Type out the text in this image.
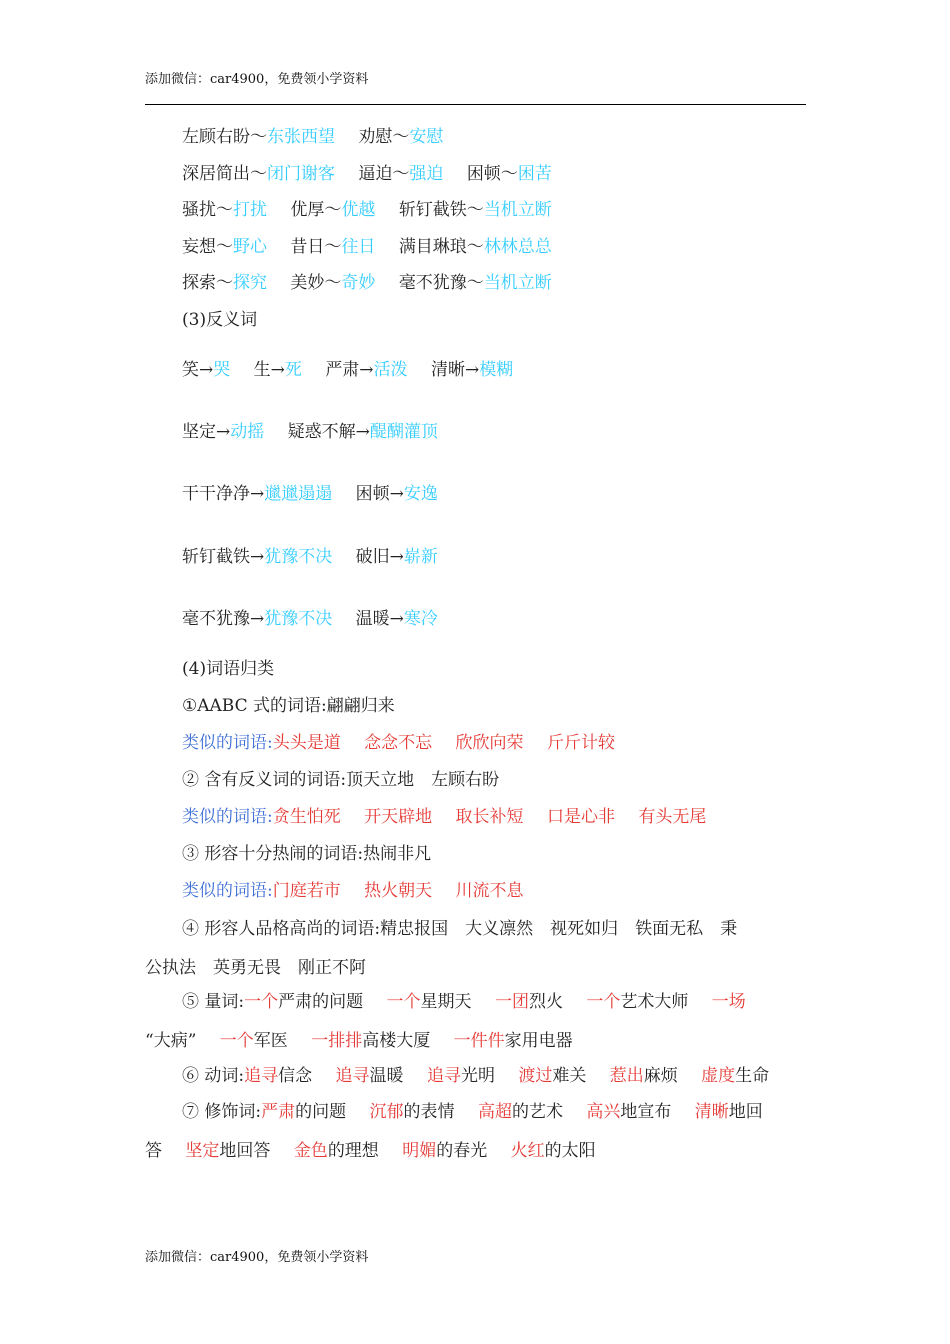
添加微信：car4900，免费领小学资料
左顾右盼～东张西望 劝慰～安慰
深居简出～闭门谢客 逼迫～强迫 困顿～困苦
骚扰～打扰 优厚～优越 斩钉截铁～当机立断
妄想～野心 昔日～往日 满目琳琅～林林总总
探索～探究 美妙～奇妙 毫不犹豫～当机立断
(3)反义词
笑→哭 生→死 严肃→活泼 清晰→模糊
坚定→动摇 疑惑不解→醍醐灌顶
干干净净→邋邋遢遢 困顿→安逸
斩钉截铁→犹豫不决 破旧→崭新
毫不犹豫→犹豫不决 温暖→寒冷
(4)词语归类
①AABC 式的词语:翩翩归来
类似的词语:头头是道 念念不忘 欣欣向荣 斤斤计较
② 含有反义词的词语:顶天立地　左顾右盼
类似的词语:贪生怕死 开天辟地 取长补短 口是心非 有头无尾
③ 形容十分热闹的词语:热闹非凡
类似的词语:门庭若市 热火朝天 川流不息
④ 形容人品格高尚的词语:精忠报国　大义凛然　视死如归　铁面无私　秉
公执法　英勇无畏　刚正不阿
⑤ 量词:一个严肃的问题 一个星期天 一团烈火 一个艺术大师 一场
“大病” 一个军医 一排排高楼大厦 一件件家用电器
⑥ 动词:追寻信念 追寻温暖 追寻光明 渡过难关 惹出麻烦 虚度生命
⑦ 修饰词:严肃的问题 沉郁的表情 高超的艺术 高兴地宣布 清晰地回
答 坚定地回答 金色的理想 明媚的春光 火红的太阳
添加微信：car4900，免费领小学资料
